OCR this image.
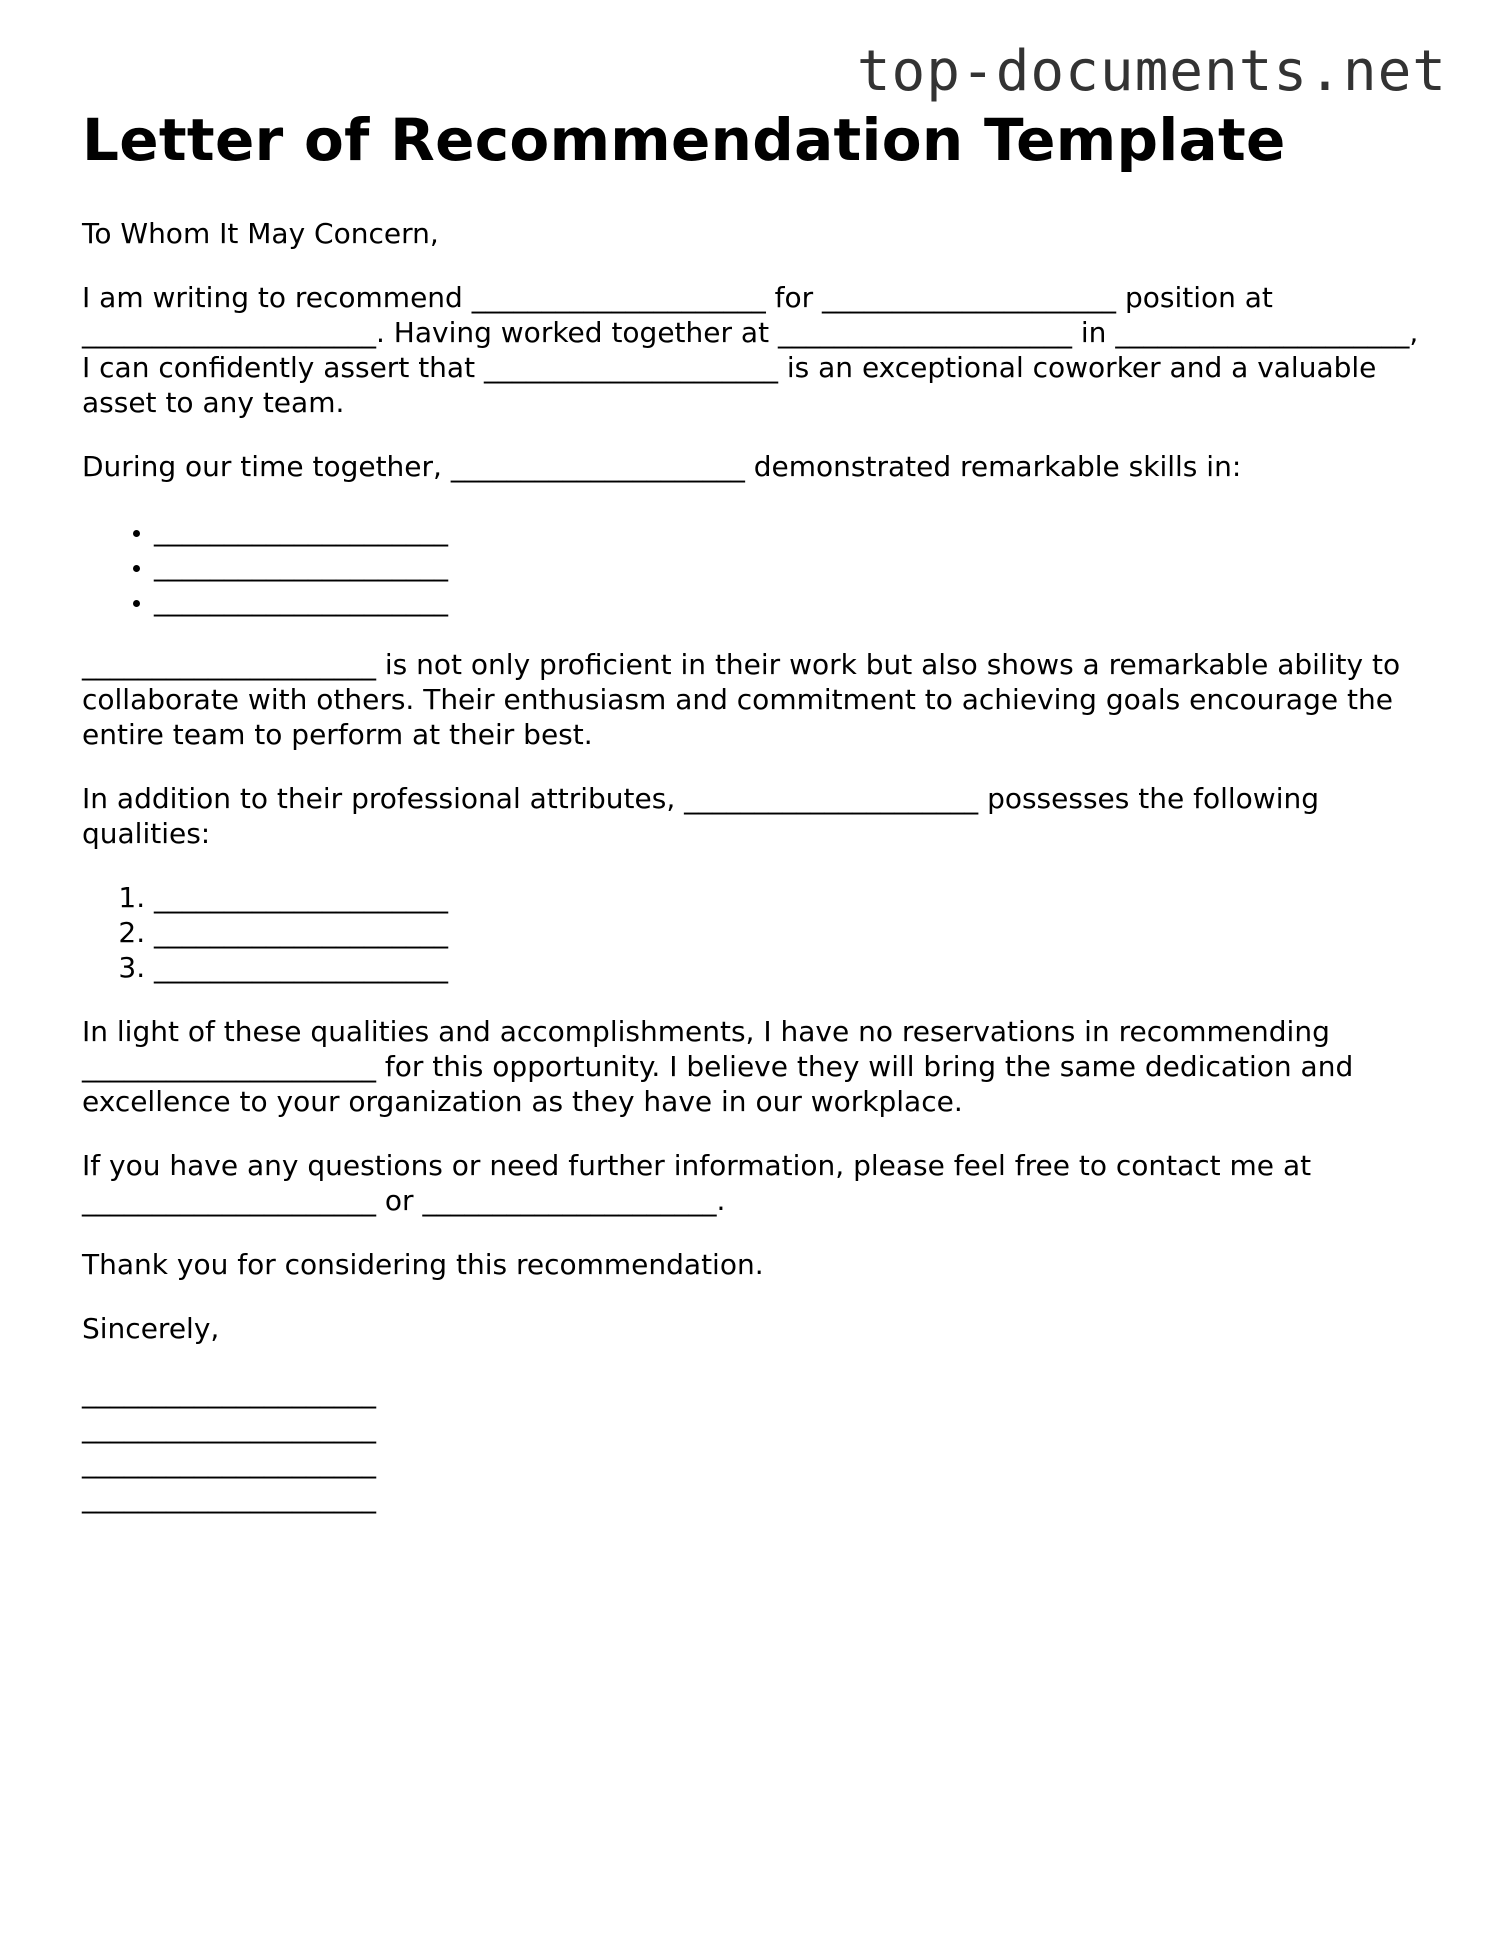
top-documents.net
Letter of Recommendation Template

To Whom It May Concern,

I am writing to recommend _____________________ for _____________________ position at _____________________. Having worked together at _____________________ in _____________________, I can confidently assert that _____________________ is an exceptional coworker and a valuable asset to any team.

During our time together, _____________________ demonstrated remarkable skills in:

• _____________________
• _____________________
• _____________________

_____________________ is not only proficient in their work but also shows a remarkable ability to collaborate with others. Their enthusiasm and commitment to achieving goals encourage the entire team to perform at their best.

In addition to their professional attributes, _____________________ possesses the following qualities:

1. _____________________
2. _____________________
3. _____________________

In light of these qualities and accomplishments, I have no reservations in recommending _____________________ for this opportunity. I believe they will bring the same dedication and excellence to your organization as they have in our workplace.

If you have any questions or need further information, please feel free to contact me at _____________________ or _____________________.

Thank you for considering this recommendation.

Sincerely,

_____________________
_____________________
_____________________
_____________________
